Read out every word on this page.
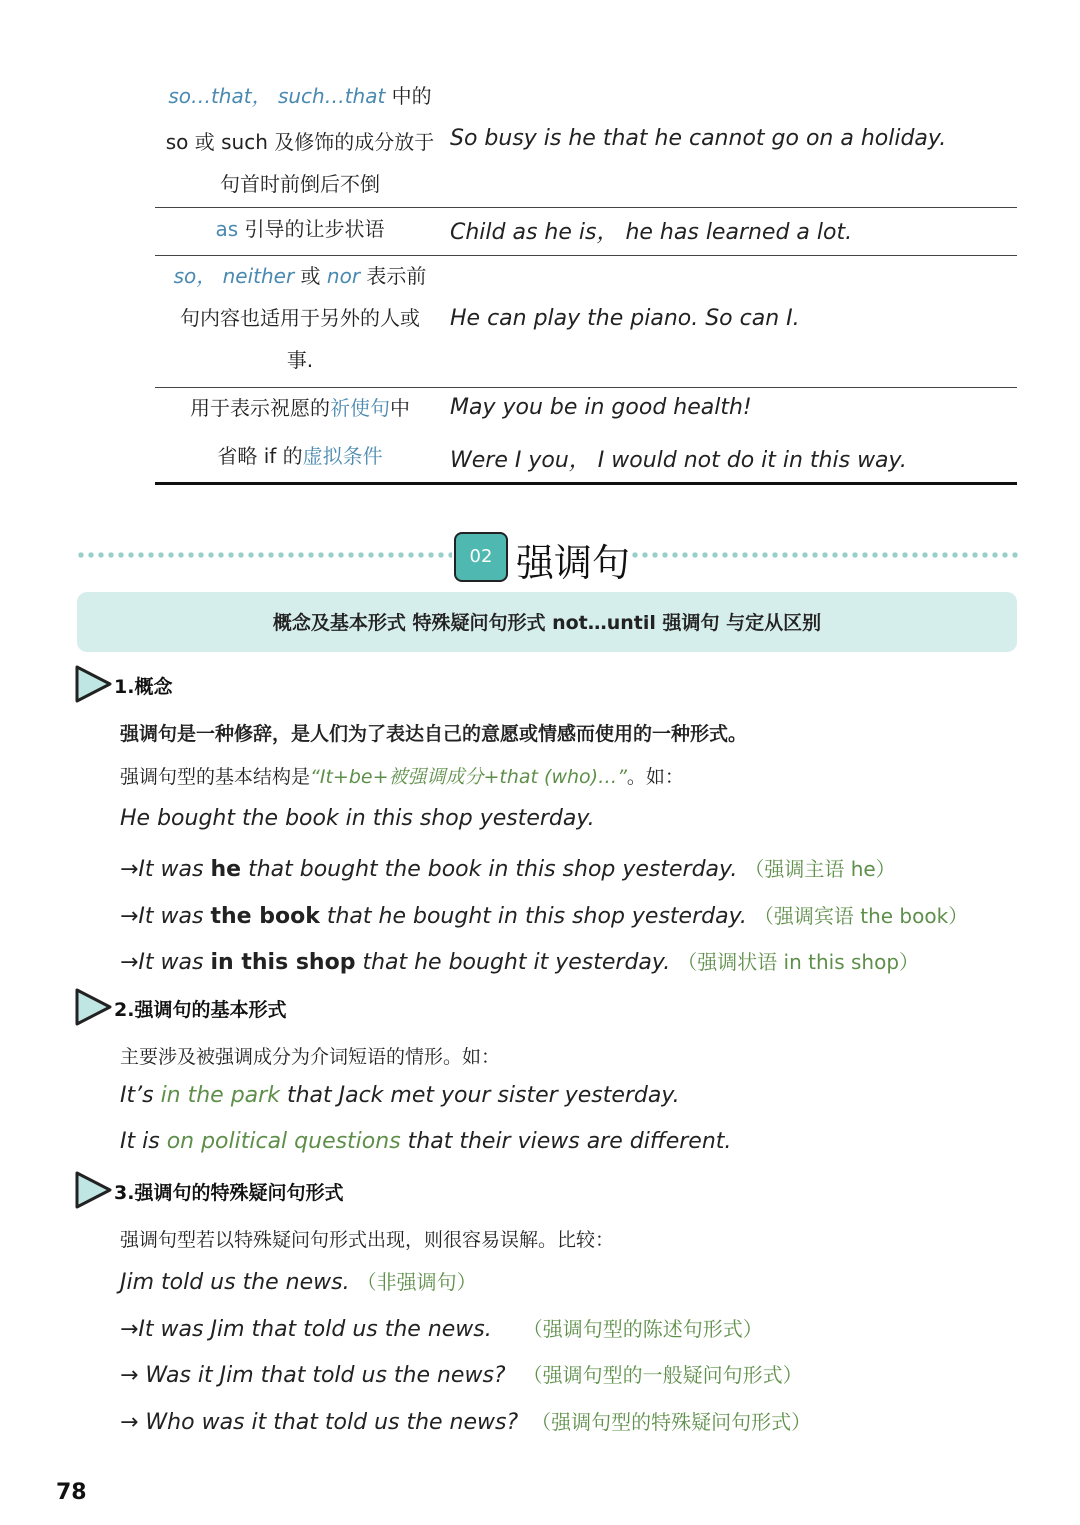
so…that， such…that 中的
so 或 such 及修饰的成分放于
句首时前倒后不倒
So busy is he that he cannot go on a holiday.
as 引导的让步状语	Child as he is， he has learned a lot.
so， neither 或 nor 表示前
句内容也适用于另外的人或
事.
He can play the piano. So can I.
用于表示祝愿的祈使句中
省略 if 的虚拟条件
May you be in good health!
Were I you， I would not do it in this way.
02 强调句
概念及基本形式 特殊疑问句形式 not…until 强调句 与定从区别
1.概念
强调句是一种修辞，是人们为了表达自己的意愿或情感而使用的一种形式。
强调句型的基本结构是“It+be+被强调成分+that (who)…”。如：
He bought the book in this shop yesterday.
→It was he that bought the book in this shop yesterday. （强调主语 he）
→It was the book that he bought in this shop yesterday. （强调宾语 the book）
→It was in this shop that he bought it yesterday. （强调状语 in this shop）
2.强调句的基本形式
主要涉及被强调成分为介词短语的情形。如：
It’s in the park that Jack met your sister yesterday.
It is on political questions that their views are different.
3.强调句的特殊疑问句形式
强调句型若以特殊疑问句形式出现，则很容易误解。比较：
Jim told us the news. （非强调句）
→It was Jim that told us the news. （强调句型的陈述句形式）
→ Was it Jim that told us the news? （强调句型的一般疑问句形式）
→ Who was it that told us the news? （强调句型的特殊疑问句形式）
78
